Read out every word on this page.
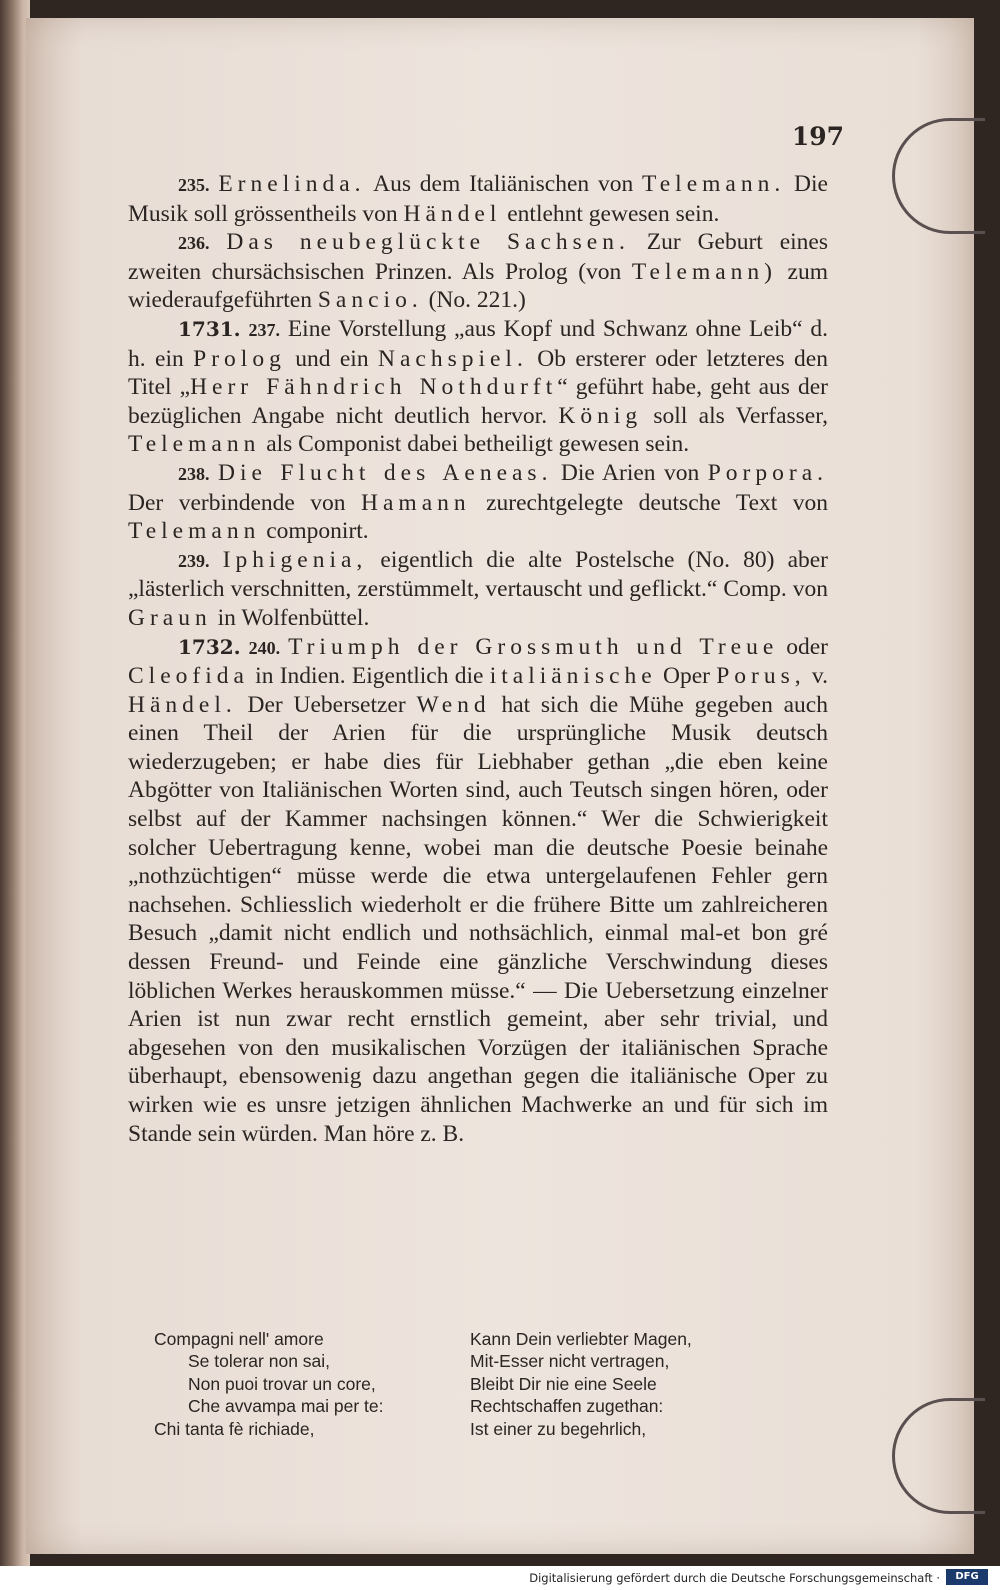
197

235. Ernelinda. Aus dem Italiänischen von Telemann. Die Musik soll grössentheils von Händel entlehnt gewesen sein.

236. Das neubeglückte Sachsen. Zur Geburt eines zweiten chursächsischen Prinzen. Als Prolog (von Telemann) zum wiederaufgeführten Sancio. (No. 221.)

1731. 237. Eine Vorstellung „aus Kopf und Schwanz ohne Leib“ d. h. ein Prolog und ein Nachspiel. Ob ersterer oder letzteres den Titel „Herr Fähndrich Nothdurft“ geführt habe, geht aus der bezüglichen Angabe nicht deutlich hervor. König soll als Verfasser, Telemann als Componist dabei betheiligt gewesen sein.

238. Die Flucht des Aeneas. Die Arien von Porpora. Der verbindende von Hamann zurechtgelegte deutsche Text von Telemann componirt.

239. Iphigenia, eigentlich die alte Postelsche (No. 80) aber „lästerlich verschnitten, zerstümmelt, vertauscht und geflickt.“ Comp. von Graun in Wolfenbüttel.

1732. 240. Triumph der Grossmuth und Treue oder Cleofida in Indien. Eigentlich die italiänische Oper Porus, v. Händel. Der Uebersetzer Wend hat sich die Mühe gegeben auch einen Theil der Arien für die ursprüngliche Musik deutsch wiederzugeben; er habe dies für Liebhaber gethan „die eben keine Abgötter von Italiänischen Worten sind, auch Teutsch singen hören, oder selbst auf der Kammer nachsingen können.“ Wer die Schwierigkeit solcher Uebertragung kenne, wobei man die deutsche Poesie beinahe „nothzüchtigen“ müsse werde die etwa untergelaufenen Fehler gern nachsehen. Schliesslich wiederholt er die frühere Bitte um zahlreicheren Besuch „damit nicht endlich und nothsächlich, einmal mal-et bon gré dessen Freund- und Feinde eine gänzliche Verschwindung dieses löblichen Werkes herauskommen müsse.“ — Die Uebersetzung einzelner Arien ist nun zwar recht ernstlich gemeint, aber sehr trivial, und abgesehen von den musikalischen Vorzügen der italiänischen Sprache überhaupt, ebensowenig dazu angethan gegen die italiänische Oper zu wirken wie es unsre jetzigen ähnlichen Machwerke an und für sich im Stande sein würden. Man höre z. B.

Compagni nell' amore
Se tolerar non sai,
Non puoi trovar un core,
Che avvampa mai per te:
Chi tanta fè richiade,
Kann Dein verliebter Magen,
Mit-Esser nicht vertragen,
Bleibt Dir nie eine Seele
Rechtschaffen zugethan:
Ist einer zu begehrlich,
Digitalisierung gefördert durch die Deutsche Forschungsgemeinschaft ·	DFG
